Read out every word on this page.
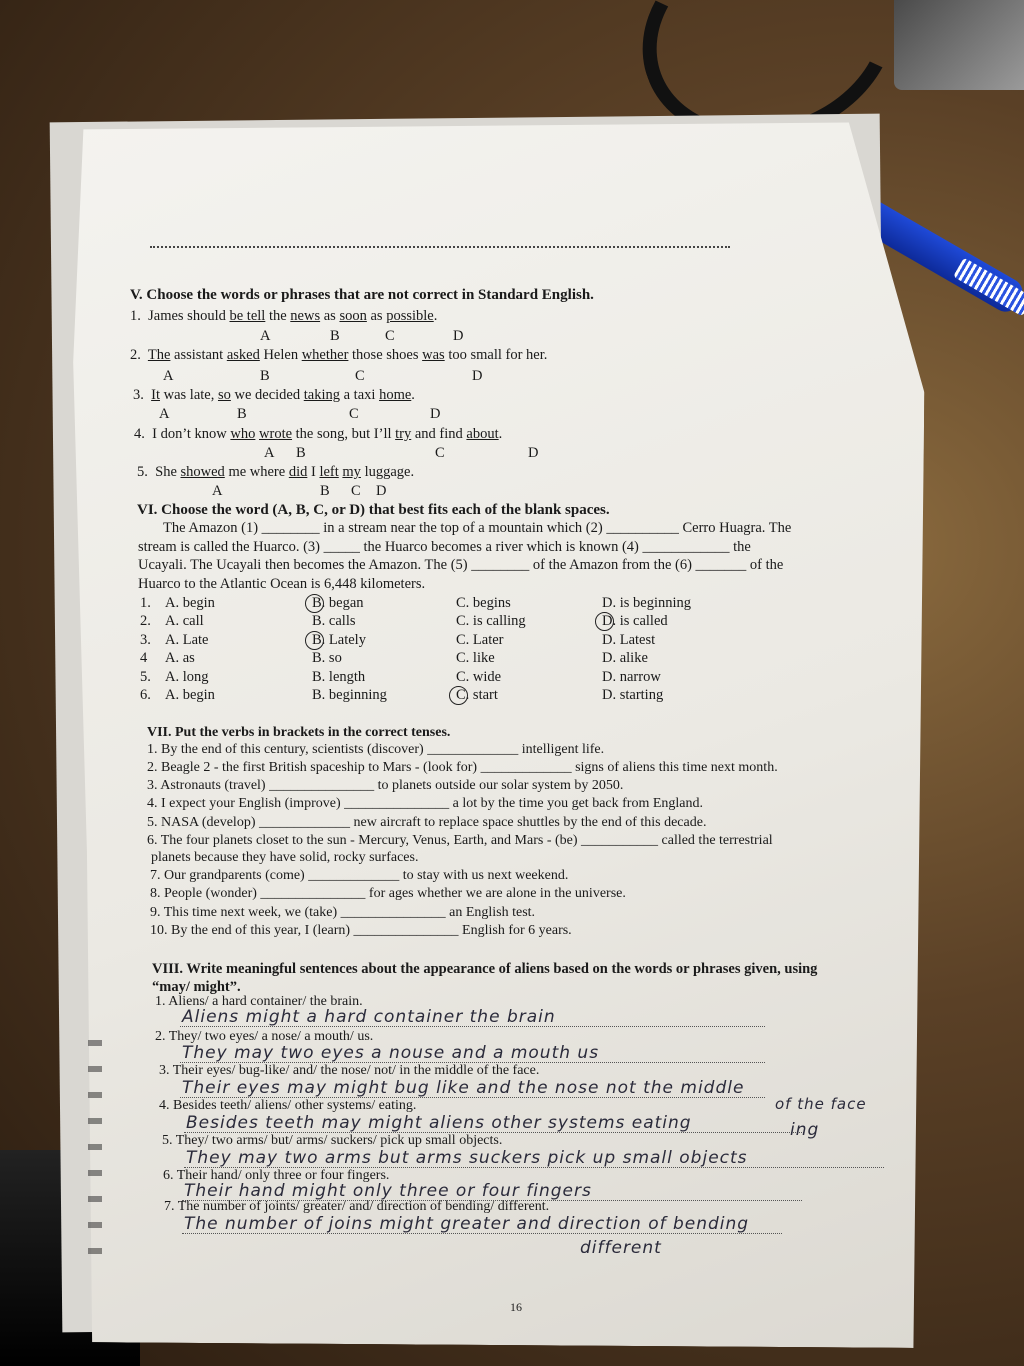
V. Choose the words or phrases that are not correct in Standard English.
1. James should be tell the news as soon as possible.
A	B	C	D
2. The assistant asked Helen whether those shoes was too small for her.
A	B	C	D
3. It was late, so we decided taking a taxi home.
A	B	C	D
4. I don’t know who wrote the song, but I’ll try and find about.
A B	C	D
5. She showed me where did I left my luggage.
A	B C D
VI. Choose the word (A, B, C, or D) that best fits each of the blank spaces.
The Amazon (1) ________ in a stream near the top of a mountain which (2) __________ Cerro Huagra. The
stream is called the Huarco. (3) _____ the Huarco becomes a river which is known (4) ____________ the
Ucayali. The Ucayali then becomes the Amazon. The (5) ________ of the Amazon from the (6) _______ of the
Huarco to the Atlantic Ocean is 6,448 kilometers.
1. A. begin	B. began	C. begins	D. is beginning
2. A. call	B. calls	C. is calling	D. is called
3. A. Late	B. Lately	C. Later	D. Latest
4 A. as	B. so	C. like	D. alike
5. A. long	B. length	C. wide	D. narrow
6. A. begin	B. beginning	C. start	D. starting
VII. Put the verbs in brackets in the correct tenses.
1. By the end of this century, scientists (discover) _____________ intelligent life.
2. Beagle 2 - the first British spaceship to Mars - (look for) _____________ signs of aliens this time next month.
3. Astronauts (travel) _______________ to planets outside our solar system by 2050.
4. I expect your English (improve) _______________ a lot by the time you get back from England.
5. NASA (develop) _____________ new aircraft to replace space shuttles by the end of this decade.
6. The four planets closet to the sun - Mercury, Venus, Earth, and Mars - (be) ___________ called the terrestrial
planets because they have solid, rocky surfaces.
7. Our grandparents (come) _____________ to stay with us next weekend.
8. People (wonder) _______________ for ages whether we are alone in the universe.
9. This time next week, we (take) _______________ an English test.
10. By the end of this year, I (learn) _______________ English for 6 years.
VIII. Write meaningful sentences about the appearance of aliens based on the words or phrases given, using
“may/ might”.
1. Aliens/ a hard container/ the brain.
Aliens might a hard container the brain
2. They/ two eyes/ a nose/ a mouth/ us.
They may two eyes a nouse and a mouth us
3. Their eyes/ bug-like/ and/ the nose/ not/ in the middle of the face.
Their eyes may might bug like and the nose not the middle
4. Besides teeth/ aliens/ other systems/ eating.
Besides teeth may might aliens other systems eating
5. They/ two arms/ but/ arms/ suckers/ pick up small objects.
They may two arms but arms suckers pick up small objects
6. Their hand/ only three or four fingers.
Their hand might only three or four fingers
7. The number of joints/ greater/ and/ direction of bending/ different.
The number of joins might greater and direction of bending
of the face
ing
different
16
